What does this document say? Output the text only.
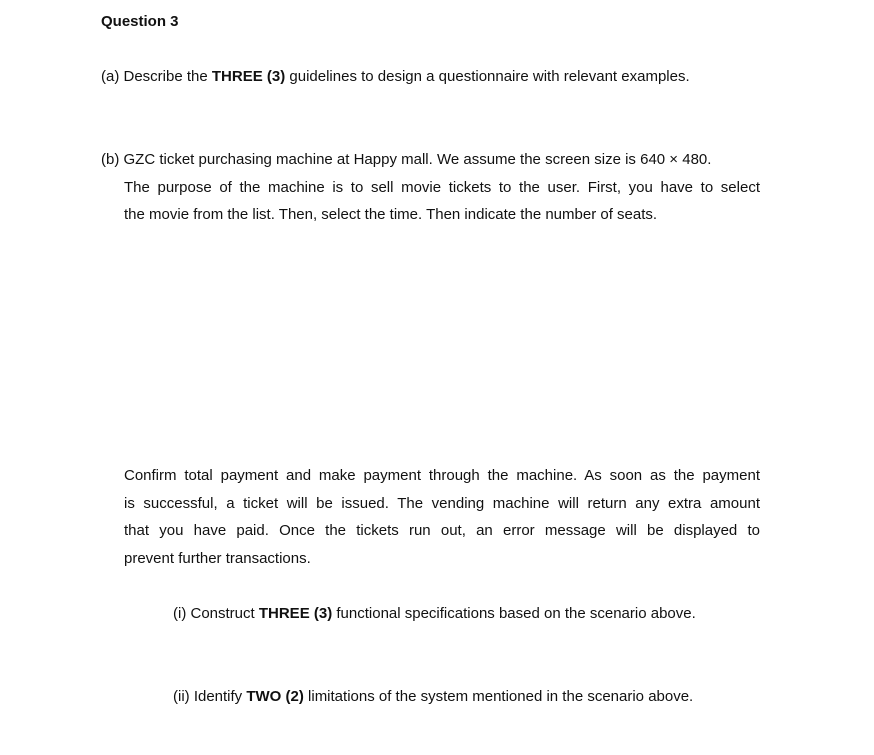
Question 3
(a) Describe the THREE (3) guidelines to design a questionnaire with relevant examples.
(b) GZC ticket purchasing machine at Happy mall. We assume the screen size is 640 × 480.
The purpose of the machine is to sell movie tickets to the user. First, you have to select
the movie from the list. Then, select the time. Then indicate the number of seats.
Confirm total payment and make payment through the machine. As soon as the payment
is successful, a ticket will be issued. The vending machine will return any extra amount
that you have paid. Once the tickets run out, an error message will be displayed to
prevent further transactions.
(i) Construct THREE (3) functional specifications based on the scenario above.
(ii) Identify TWO (2) limitations of the system mentioned in the scenario above.
